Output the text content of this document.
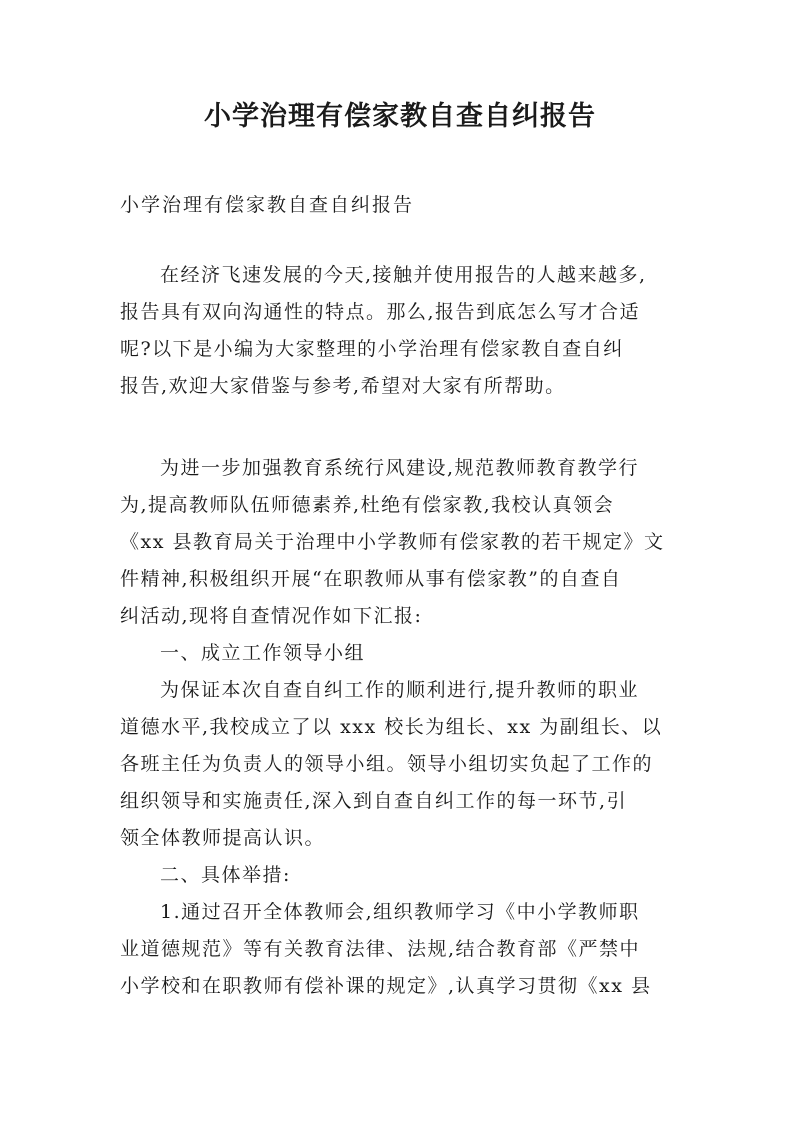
小学治理有偿家教自查自纠报告

小学治理有偿家教自查自纠报告

在经济飞速发展的今天,接触并使用报告的人越来越多,
报告具有双向沟通性的特点。那么,报告到底怎么写才合适
呢?以下是小编为大家整理的小学治理有偿家教自查自纠
报告,欢迎大家借鉴与参考,希望对大家有所帮助。
为进一步加强教育系统行风建设,规范教师教育教学行
为,提高教师队伍师德素养,杜绝有偿家教,我校认真领会
《xx 县教育局关于治理中小学教师有偿家教的若干规定》文
件精神,积极组织开展“在职教师从事有偿家教”的自查自
纠活动,现将自查情况作如下汇报:
一、成立工作领导小组
为保证本次自查自纠工作的顺利进行,提升教师的职业
道德水平,我校成立了以 xxx 校长为组长、xx 为副组长、以
各班主任为负责人的领导小组。领导小组切实负起了工作的
组织领导和实施责任,深入到自查自纠工作的每一环节,引
领全体教师提高认识。
二、具体举措:
1.通过召开全体教师会,组织教师学习《中小学教师职
业道德规范》等有关教育法律、法规,结合教育部《严禁中
小学校和在职教师有偿补课的规定》,认真学习贯彻《xx 县
